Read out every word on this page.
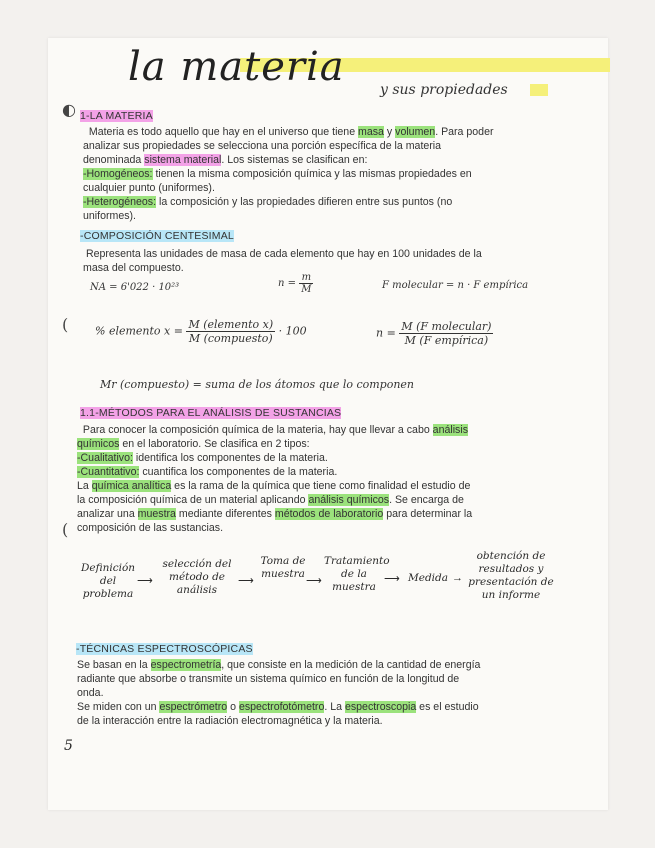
la materia	y sus propiedades
◐ 1-LA MATERIA
Materia es todo aquello que hay en el universo que tiene masa y volumen. Para poder
analizar sus propiedades se selecciona una porción específica de la materia
denominada sistema material. Los sistemas se clasifican en:
-Homogéneos: tienen la misma composición química y las mismas propiedades en
cualquier punto (uniformes).
-Heterogéneos: la composición y las propiedades difieren entre sus puntos (no
uniformes).
-COMPOSICIÓN CENTESIMAL
Representa las unidades de masa de cada elemento que hay en 100 unidades de la
masa del compuesto.
NA = 6'022 · 10²³	$n = \frac{m}{M}$	F molecular = n · F empírica
( % elemento $x = \frac{\text{M (elemento x)}}{\text{M (compuesto)}} \cdot 100$	$n = \frac{\text{M (F molecular)}}{\text{M (F empírica)}}$
Mr (compuesto) = suma de los átomos que lo componen
1.1-MÉTODOS PARA EL ANÁLISIS DE SUSTANCIAS
Para conocer la composición química de la materia, hay que llevar a cabo análisis
químicos en el laboratorio. Se clasifica en 2 tipos:
-Cualitativo: identifica los componentes de la materia.
-Cuantitativo: cuantifica los componentes de la materia.
La química analítica es la rama de la química que tiene como finalidad el estudio de
la composición química de un material aplicando análisis químicos. Se encarga de
analizar una muestra mediante diferentes métodos de laboratorio para determinar la
composición de las sustancias.
(
Definición del problema
⟶
selección del método de análisis
⟶
Toma de muestra
⟶
Tratamiento de la muestra
⟶ Medida →
obtención de resultados y presentación de un informe
-TÉCNICAS ESPECTROSCÓPICAS
Se basan en la espectrometría, que consiste en la medición de la cantidad de energía
radiante que absorbe o transmite un sistema químico en función de la longitud de
onda.
Se miden con un espectrómetro o espectrofotómetro. La espectroscopia es el estudio
de la interacción entre la radiación electromagnética y la materia.
5
